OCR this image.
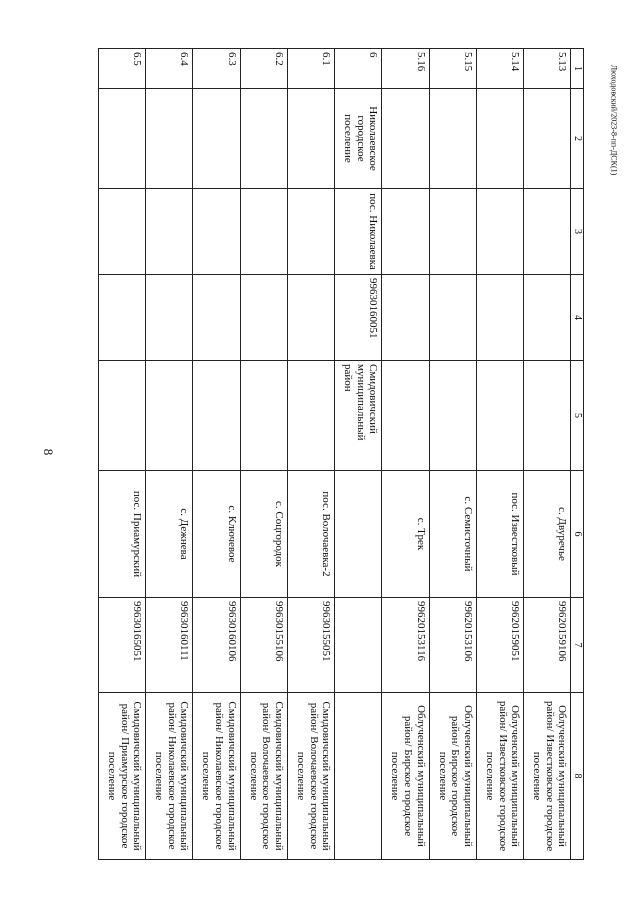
8
Люходовский/2023-8-пп-ДСК(1)
1	2	3	4	5	6	7	8
5.13					с. Двуречье	99620159106	Облученский муниципальный район/ Известковское городское поселение
5.14					пос. Известковый	99620159051	Облученский муниципальный район/ Известковское городское поселение
5.15					с. Семисточный	99620153106	Облученский муниципальный район/ Бирское городское поселение
5.16					с. Трек	99620153116	Облученский муниципальный район/ Бирское городское поселение
6	Николаевское городское поселение	пос. Николаевка	99630160051	Смидовичский муниципальный район			
6.1					пос. Волочаевка-2	99630155051	Смидовичский муниципальный район/ Волочаевское городское поселение
6.2					с. Соцгородок	99630155106	Смидовичский муниципальный район/ Волочаевское городское поселение
6.3					с. Ключевое	99630160106	Смидовичский муниципальный район/ Николаевское городское поселение
6.4					с. Дежнева	99630160111	Смидовичский муниципальный район/ Николаевское городское поселение
6.5					пос. Приамурский	99630165051	Смидовичский муниципальный район/ Приамурское городское поселение
